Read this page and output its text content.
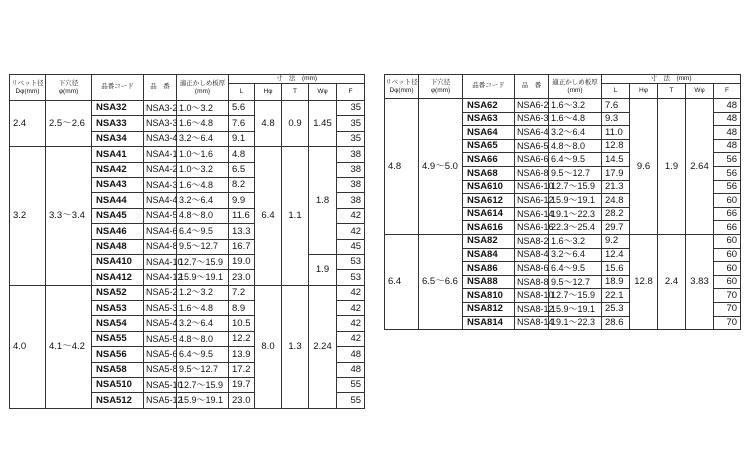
リベット径
Dφ(mm)	下穴径
φ(mm)	品番コード	品　番	適正かしめ板厚
(mm)	寸　法　(mm)				
					L	Hφ	T	Wφ	F
2.4	2.5～2.6	NSA32	NSA3-2	1.0～3.2	5.6	4.8	0.9	1.45	35
		NSA33	NSA3-3	1.6～4.8	7.6				35
		NSA34	NSA3-4	3.2～6.4	9.1				35
3.2	3.3～3.4	NSA41	NSA4-1	1.0～1.6	4.8	6.4	1.1	1.8	38
		NSA42	NSA4-2	1.0～3.2	6.5				38
		NSA43	NSA4-3	1.6～4.8	8.2				38
		NSA44	NSA4-4	3.2～6.4	9.9				38
		NSA45	NSA4-5	4.8～8.0	11.6				42
		NSA46	NSA4-6	6.4～9.5	13.3				42
		NSA48	NSA4-8	9.5～12.7	16.7				45
		NSA410	NSA4-10	12.7～15.9	19.0			1.9	53
		NSA412	NSA4-12	15.9～19.1	23.0				53
4.0	4.1～4.2	NSA52	NSA5-2	1.2～3.2	7.2	8.0	1.3	2.24	42
		NSA53	NSA5-3	1.6～4.8	8.9				42
		NSA54	NSA5-4	3.2～6.4	10.5				42
		NSA55	NSA5-5	4.8～8.0	12.2				42
		NSA56	NSA5-6	6.4～9.5	13.9				48
		NSA58	NSA5-8	9.5～12.7	17.2				48
		NSA510	NSA5-10	12.7～15.9	19.7				55
		NSA512	NSA5-12	15.9～19.1	23.0				55
リベット径
Dφ(mm)	下穴径
φ(mm)	品番コード	品　番	適正かしめ板厚
(mm)	寸　法　(mm)				
					L	Hφ	T	Wφ	F
4.8	4.9～5.0	NSA62	NSA6-2	1.6～3.2	7.6	9.6	1.9	2.64	48
		NSA63	NSA6-3	1.6～4.8	9.3				48
		NSA64	NSA6-4	3.2～6.4	11.0				48
		NSA65	NSA6-5	4.8～8.0	12.8				48
		NSA66	NSA6-6	6.4～9.5	14.5				56
		NSA68	NSA6-8	9.5～12.7	17.9				56
		NSA610	NSA6-10	12.7～15.9	21.3				56
		NSA612	NSA6-12	15.9～19.1	24.8				60
		NSA614	NSA6-14	19.1～22.3	28.2				66
		NSA616	NSA6-16	22.3～25.4	29.7				66
6.4	6.5～6.6	NSA82	NSA8-2	1.6～3.2	9.2	12.8	2.4	3.83	60
		NSA84	NSA8-4	3.2～6.4	12.4				60
		NSA86	NSA8-6	6.4～9.5	15.6				60
		NSA88	NSA8-8	9.5～12.7	18.9				60
		NSA810	NSA8-10	12.7～15.9	22.1				70
		NSA812	NSA8-12	15.9～19.1	25.3				70
		NSA814	NSA8-14	19.1～22.3	28.6				70
